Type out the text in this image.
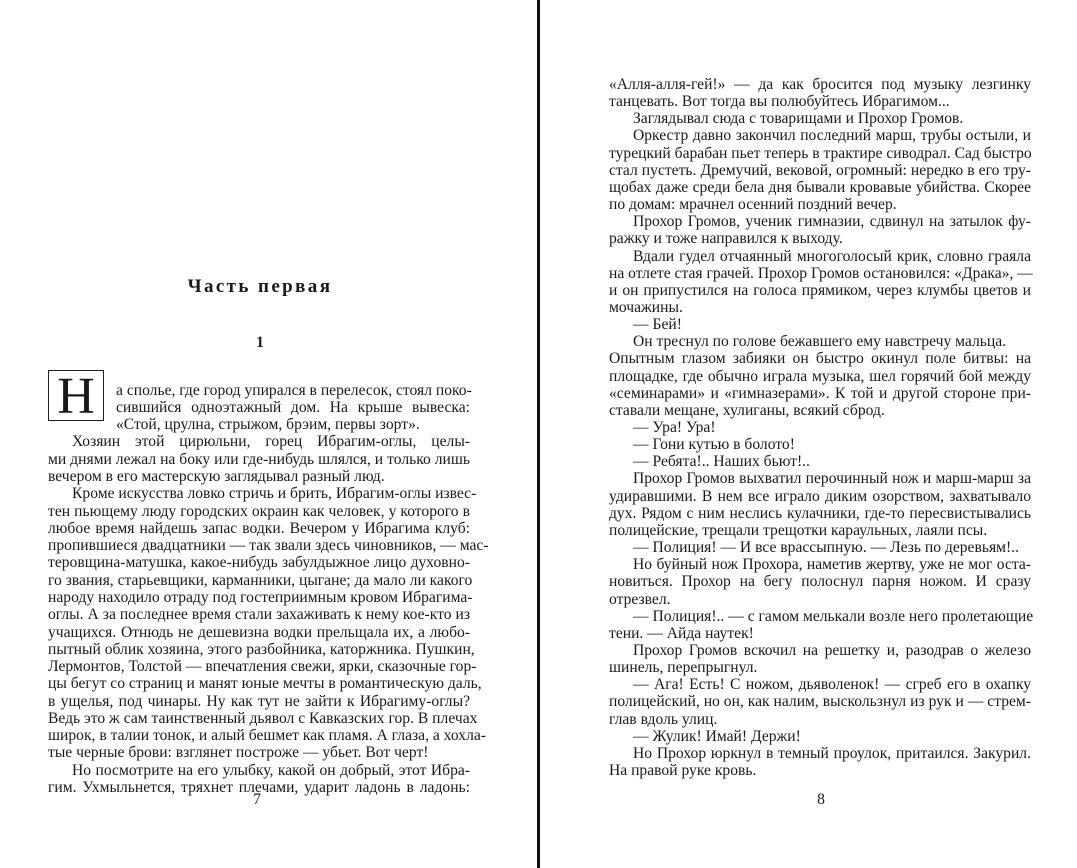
Часть первая
1
Н а спольe, где город упирался в перелесок, стоял поко-

сившийся одноэтажный дом. На крыше вывеска:

«Стой, црулна, стрыжом, брэим, первы зорт».

Хозяин этой цирюльни, горец Ибрагим-оглы, целы-

ми днями лежал на боку или где-нибудь шлялся, и только лишь

вечером в его мастерскую заглядывал разный люд.

Кроме искусства ловко стричь и брить, Ибрагим-оглы извес-

тен пьющему люду городских окраин как человек, у которого в

любое время найдешь запас водки. Вечером у Ибрагима клуб:

пропившиеся двадцатники — так звали здесь чиновников, — мас-

теровщина-матушка, какое-нибудь забулдыжное лицо духовно-

го звания, старьевщики, карманники, цыгане; да мало ли какого

народу находило отраду под гостеприимным кровом Ибрагима-

оглы. А за последнее время стали захаживать к нему кое-кто из

учащихся. Отнюдь не дешевизна водки прельщала их, а любо-

пытный облик хозяина, этого разбойника, каторжника. Пушкин,

Лермонтов, Толстой — впечатления свежи, ярки, сказочные гор-

цы бегут со страниц и манят юные мечты в романтическую даль,

в ущелья, под чинары. Ну как тут не зайти к Ибрагиму-оглы?

Ведь это ж сам таинственный дьявол с Кавказских гор. В плечах

широк, в талии тонок, и алый бешмет как пламя. А глаза, а хохла-

тые черные брови: взглянет построже — убьет. Вот черт!

Но посмотрите на его улыбку, какой он добрый, этот Ибра-

гим. Ухмыльнется, тряхнет плечами, ударит ладонь в ладонь:

7

«Алля-алля-гей!» — да как бросится под музыку лезгинку

танцевать. Вот тогда вы полюбуйтесь Ибрагимом...

Заглядывал сюда с товарищами и Прохор Громов.

Оркестр давно закончил последний марш, трубы остыли, и

турецкий барабан пьет теперь в трактире сиводрал. Сад быстро

стал пустеть. Дремучий, вековой, огромный: нередко в его тру-

щобах даже среди бела дня бывали кровавые убийства. Скорее

по домам: мрачнел осенний поздний вечер.

Прохор Громов, ученик гимназии, сдвинул на затылок фу-

ражку и тоже направился к выходу.

Вдали гудел отчаянный многоголосый крик, словно граяла

на отлете стая грачей. Прохор Громов остановился: «Драка», —

и он припустился на голоса прямиком, через клумбы цветов и

мочажины.

— Бей!

Он треснул по голове бежавшего ему навстречу мальца.

Опытным глазом забияки он быстро окинул поле битвы: на

площадке, где обычно играла музыка, шел горячий бой между

«семинарами» и «гимназерами». К той и другой стороне при-

ставали мещане, хулиганы, всякий сброд.

— Ура! Ура!

— Гони кутью в болото!

— Ребята!.. Наших бьют!..

Прохор Громов выхватил перочинный нож и марш-марш за

удиравшими. В нем все играло диким озорством, захватывало

дух. Рядом с ним неслись кулачники, где-то пересвистывались

полицейские, трещали трещотки караульных, лаяли псы.

— Полиция! — И все врассыпную. — Лезь по деревьям!..

Но буйный нож Прохора, наметив жертву, уже не мог оста-

новиться. Прохор на бегу полоснул парня ножом. И сразу

отрезвел.

— Полиция!.. — с гамом мелькали возле него пролетающие

тени. — Айда наутек!

Прохор Громов вскочил на решетку и, разодрав о железо

шинель, перепрыгнул.

— Ага! Есть! С ножом, дьяволенок! — сгреб его в охапку

полицейский, но он, как налим, выскользнул из рук и — стрем-

глав вдоль улиц.

— Жулик! Имай! Держи!

Но Прохор юркнул в темный проулок, притаился. Закурил.

На правой руке кровь.

8
